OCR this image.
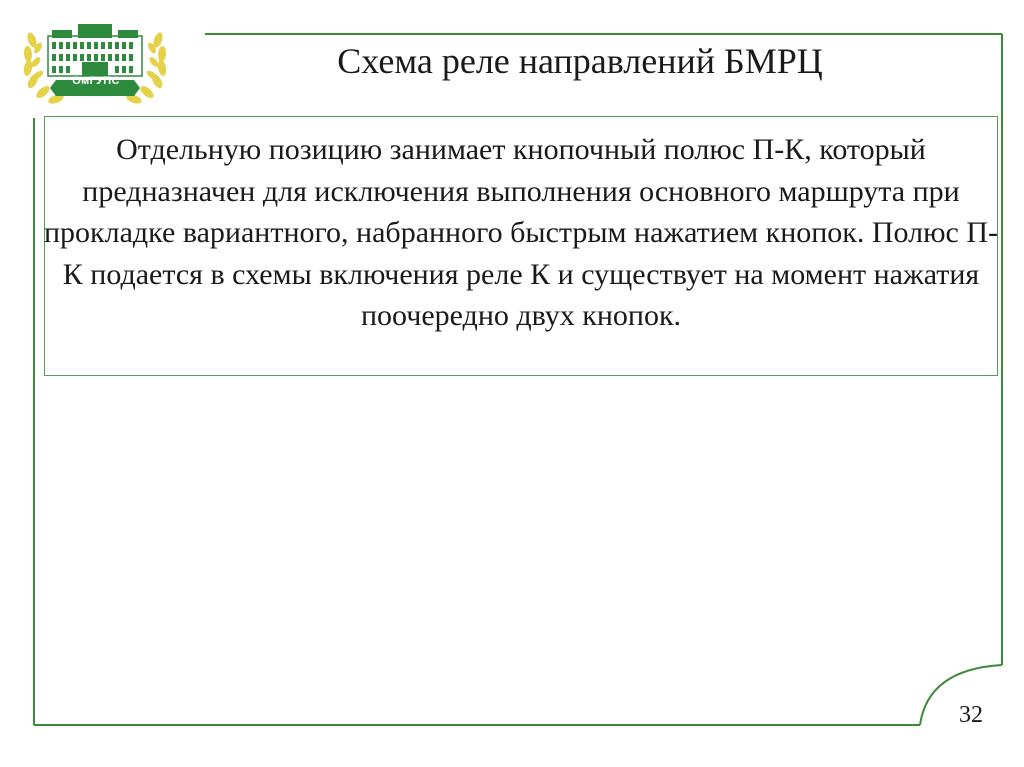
ОмГУПС	Схема реле направлений БМРЦ

Отдельную позицию занимает кнопочный полюс П-К, который предназначен для исключения выполнения основного маршрута при прокладке вариантного, набранного быстрым нажатием кнопок. Полюс П-К подается в схемы включения реле К и существует на момент нажатия поочередно двух кнопок.

32
